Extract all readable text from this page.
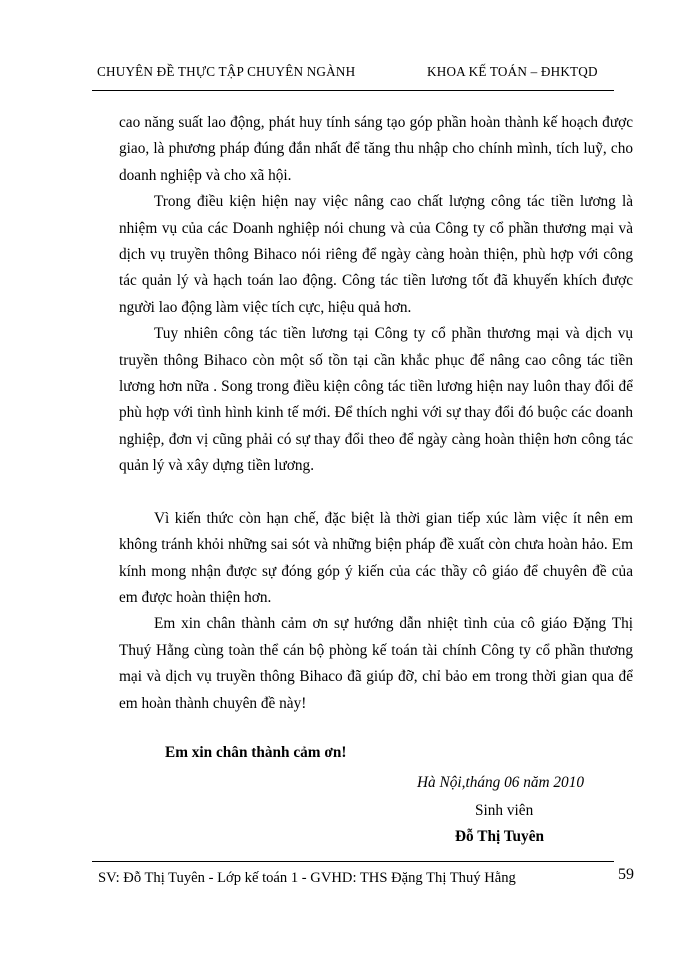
CHUYÊN ĐỀ THỰC TẬP CHUYÊN NGÀNH	KHOA KẾ TOÁN – ĐHKTQD

cao năng suất lao động, phát huy tính sáng tạo góp phần hoàn thành kế hoạch được giao, là phương pháp đúng đắn nhất để tăng thu nhập cho chính mình, tích luỹ, cho doanh nghiệp và cho xã hội.

Trong điều kiện hiện nay việc nâng cao chất lượng công tác tiền lương là nhiệm vụ của các Doanh nghiệp nói chung và của Công ty cổ phần thương mại và dịch vụ truyền thông Bihaco nói riêng để ngày càng hoàn thiện, phù hợp với công tác quản lý và hạch toán lao động. Công tác tiền lương tốt đã khuyến khích được người lao động làm việc tích cực, hiệu quả hơn.

Tuy nhiên công tác tiền lương tại Công ty cổ phần thương mại và dịch vụ truyền thông Bihaco còn một số tồn tại cần khắc phục để nâng cao công tác tiền lương hơn nữa . Song trong điều kiện công tác tiền lương hiện nay luôn thay đổi để phù hợp với tình hình kinh tế mới. Để thích nghi với sự thay đổi đó buộc các doanh nghiệp, đơn vị cũng phải có sự thay đổi theo để ngày càng hoàn thiện hơn công tác quản lý và xây dựng tiền lương.

Vì kiến thức còn hạn chế, đặc biệt là thời gian tiếp xúc làm việc ít nên em không tránh khỏi những sai sót và những biện pháp đề xuất còn chưa hoàn hảo. Em kính mong nhận được sự đóng góp ý kiến của các thầy cô giáo để chuyên đề của em được hoàn thiện hơn.

Em xin chân thành cảm ơn sự hướng dẫn nhiệt tình của cô giáo Đặng Thị Thuý Hằng cùng toàn thể cán bộ phòng kế toán tài chính Công ty cổ phần thương mại và dịch vụ truyền thông Bihaco đã giúp đỡ, chỉ bảo em trong thời gian qua để em hoàn thành chuyên đề này!

Em xin chân thành cảm ơn!
Hà Nội,tháng 06 năm 2010
Sinh viên
Đỗ Thị Tuyên
SV: Đỗ Thị Tuyên - Lớp kế toán 1 - GVHD: THS Đặng Thị Thuý Hằng	59
